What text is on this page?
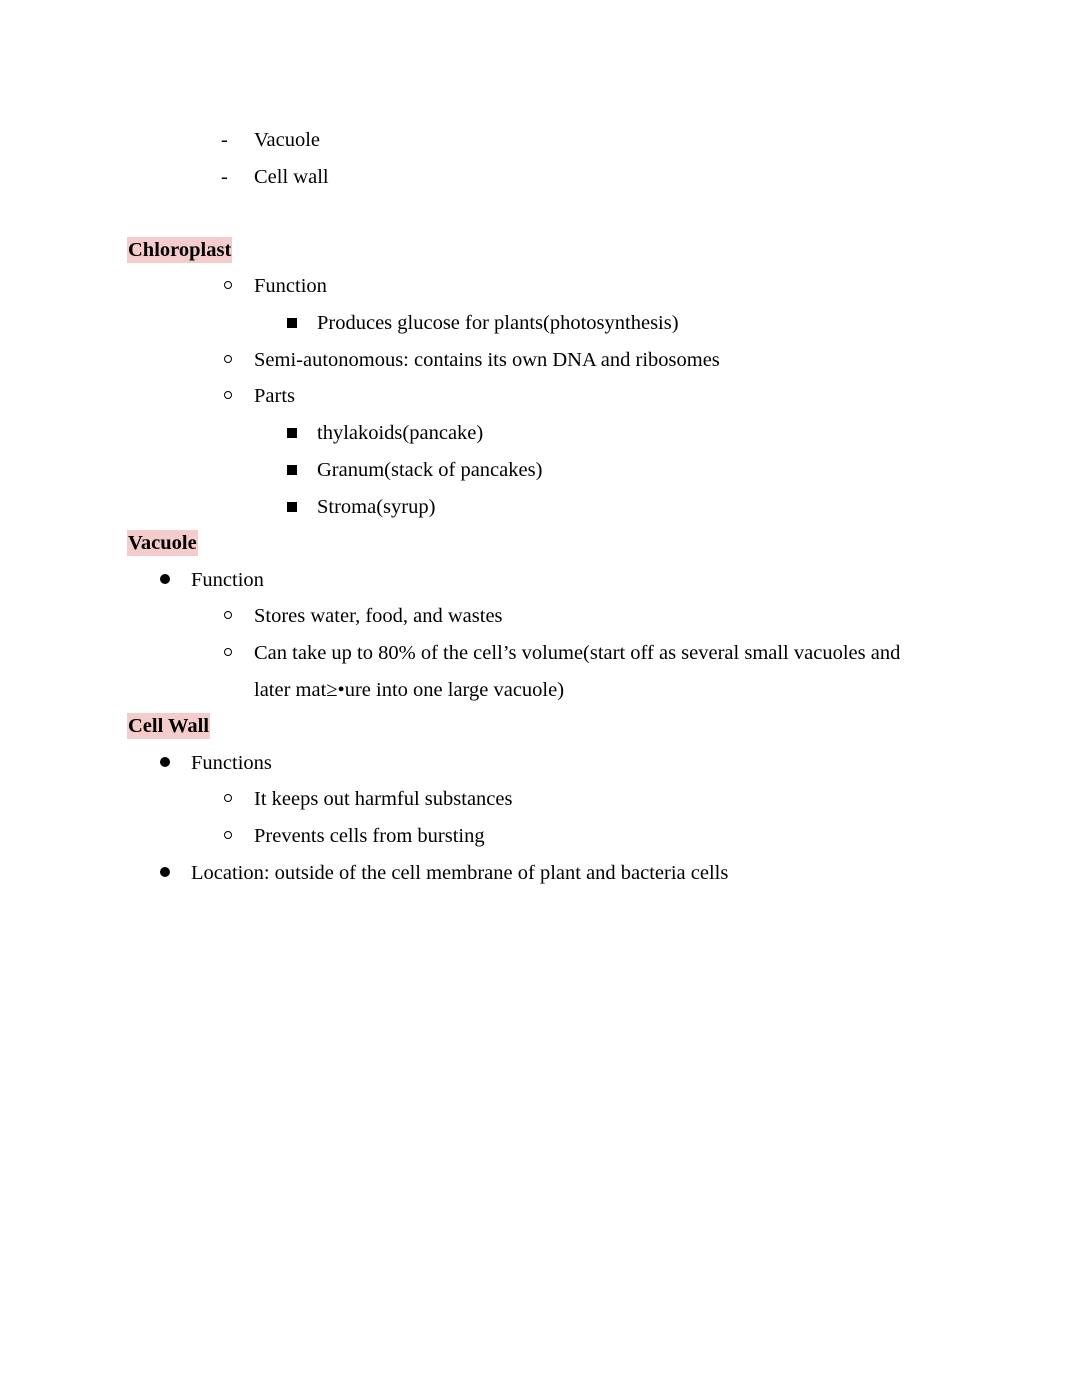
- Vacuole
- Cell wall
Chloroplast
Function
Produces glucose for plants(photosynthesis)
Semi-autonomous: contains its own DNA and ribosomes
Parts
thylakoids(pancake)
Granum(stack of pancakes)
Stroma(syrup)
Vacuole
Function
Stores water, food, and wastes
Can take up to 80% of the cell’s volume(start off as several small vacuoles and
later mat≥•ure into one large vacuole)
Cell Wall
Functions
It keeps out harmful substances
Prevents cells from bursting
Location: outside of the cell membrane of plant and bacteria cells
